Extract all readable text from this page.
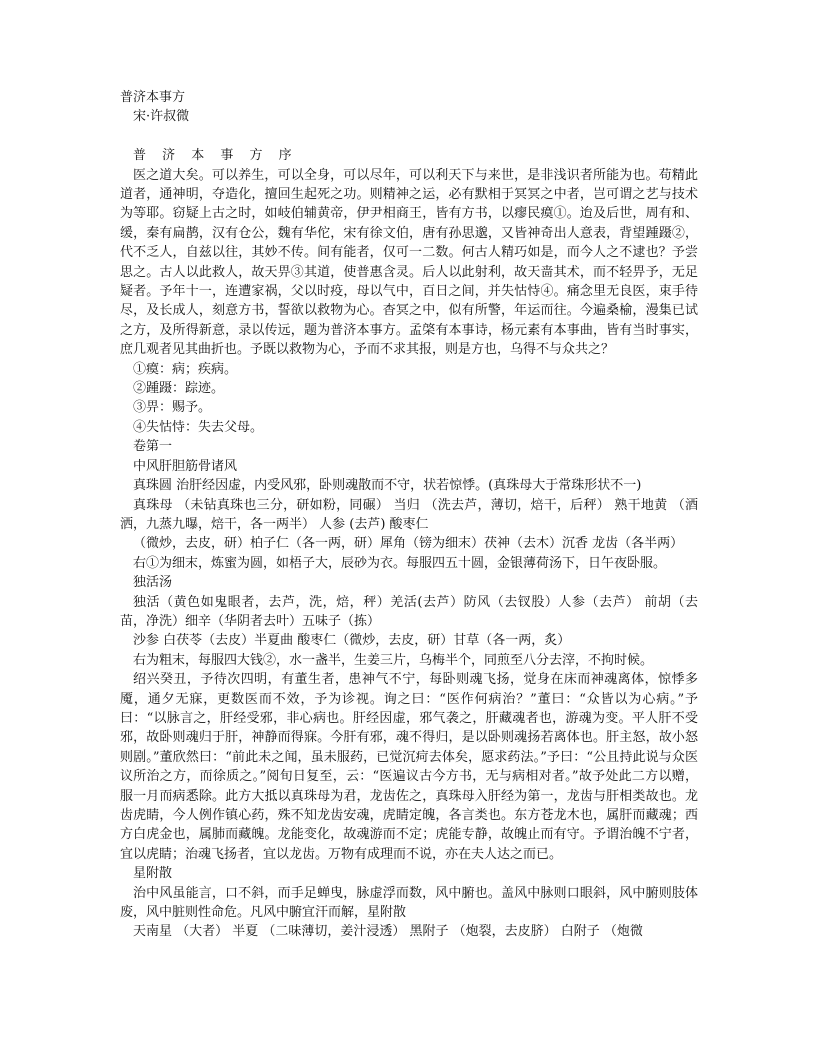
普济本事方

宋·许叔微

普 济 本 事 方 序

医之道大矣。可以养生，可以全身，可以尽年，可以利天下与来世，是非浅识者所能为也。苟精此道者，通神明，夺造化，擅回生起死之功。则精神之运，必有默相于冥冥之中者，岂可谓之艺与技术为等耶。窃疑上古之时，如岐伯辅黄帝，伊尹相商王，皆有方书，以瘳民瘼①。迨及后世，周有和、缓，秦有扁鹊，汉有仓公，魏有华佗，宋有徐文伯，唐有孙思邈，又皆神奇出人意表，背望踵蹑②，代不乏人，自兹以往，其妙不传。间有能者，仅可一二数。何古人精巧如是，而今人之不逮也？予尝思之。古人以此救人，故天畀③其道，使普惠含灵。后人以此射利，故天啬其术，而不轻畀予，无足疑者。予年十一，连遭家祸，父以时疫，母以气中，百日之间，并失怙恃④。痛念里无良医，束手待尽，及长成人，刻意方书，誓欲以救物为心。杳冥之中，似有所警，年运而往。今遍桑榆，漫集已试之方，及所得新意，录以传远，题为普济本事方。孟棨有本事诗，杨元素有本事曲，皆有当时事实，庶几观者见其曲折也。予既以救物为心，予而不求其报，则是方也，乌得不与众共之？

①瘼：病；疾病。

②踵蹑：踪迹。

③畀：赐予。

④失怙恃：失去父母。

卷第一

中风肝胆筋骨诸风

真珠圆 治肝经因虚，内受风邪，卧则魂散而不守，状若惊悸。(真珠母大于常珠形状不一)

真珠母 （未钻真珠也三分，研如粉，同碾） 当归 （洗去芦，薄切，焙干，后秤） 熟干地黄 （酒洒，九蒸九曝，焙干，各一两半） 人参 (去芦) 酸枣仁

（微炒，去皮，研）柏子仁（各一两，研）犀角（镑为细末）茯神（去木）沉香 龙齿（各半两）

右①为细末，炼蜜为圆，如梧子大，辰砂为衣。每服四五十圆，金银薄荷汤下，日午夜卧服。

独活汤

独活（黄色如鬼眼者，去芦，洗，焙，秤）羌活(去芦）防风（去钗股）人参（去芦） 前胡（去苗，净洗）细辛（华阴者去叶）五味子（拣）

沙参 白茯苓（去皮）半夏曲 酸枣仁（微炒，去皮，研）甘草（各一两，炙）

右为粗末，每服四大钱②，水一盏半，生姜三片，乌梅半个，同煎至八分去滓，不拘时候。

绍兴癸丑，予待次四明，有董生者，患神气不宁，每卧则魂飞扬，觉身在床而神魂离体，惊悸多魇，通夕无寐，更数医而不效，予为诊视。询之曰：“医作何病治？”董曰：“众皆以为心病。”予曰：“以脉言之，肝经受邪，非心病也。肝经因虚，邪气袭之，肝藏魂者也，游魂为变。平人肝不受邪，故卧则魂归于肝，神静而得寐。今肝有邪，魂不得归，是以卧则魂扬若离体也。肝主怒，故小怒则剧。”董欣然曰：“前此未之闻，虽未服药，已觉沉疴去体矣，愿求药法。”予曰：“公且持此说与众医议所治之方，而徐质之。”阅旬日复至，云：“医遍议古今方书，无与病相对者。”故予处此二方以赠，服一月而病悉除。此方大抵以真珠母为君，龙齿佐之，真珠母入肝经为第一，龙齿与肝相类故也。龙齿虎睛，今人例作镇心药，殊不知龙齿安魂，虎睛定魄，各言类也。东方苍龙木也，属肝而藏魂；西方白虎金也，属肺而藏魄。龙能变化，故魂游而不定；虎能专静，故魄止而有守。予谓治魄不宁者，宜以虎睛；治魂飞扬者，宜以龙齿。万物有成理而不说，亦在夫人达之而已。

星附散

治中风虽能言，口不斜，而手足蝉曳，脉虚浮而数，风中腑也。盖风中脉则口眼斜，风中腑则肢体废，风中脏则性命危。凡风中腑宜汗而解，星附散

天南星 （大者） 半夏 （二味薄切，姜汁浸透） 黑附子 （炮裂，去皮脐） 白附子 （炮微
